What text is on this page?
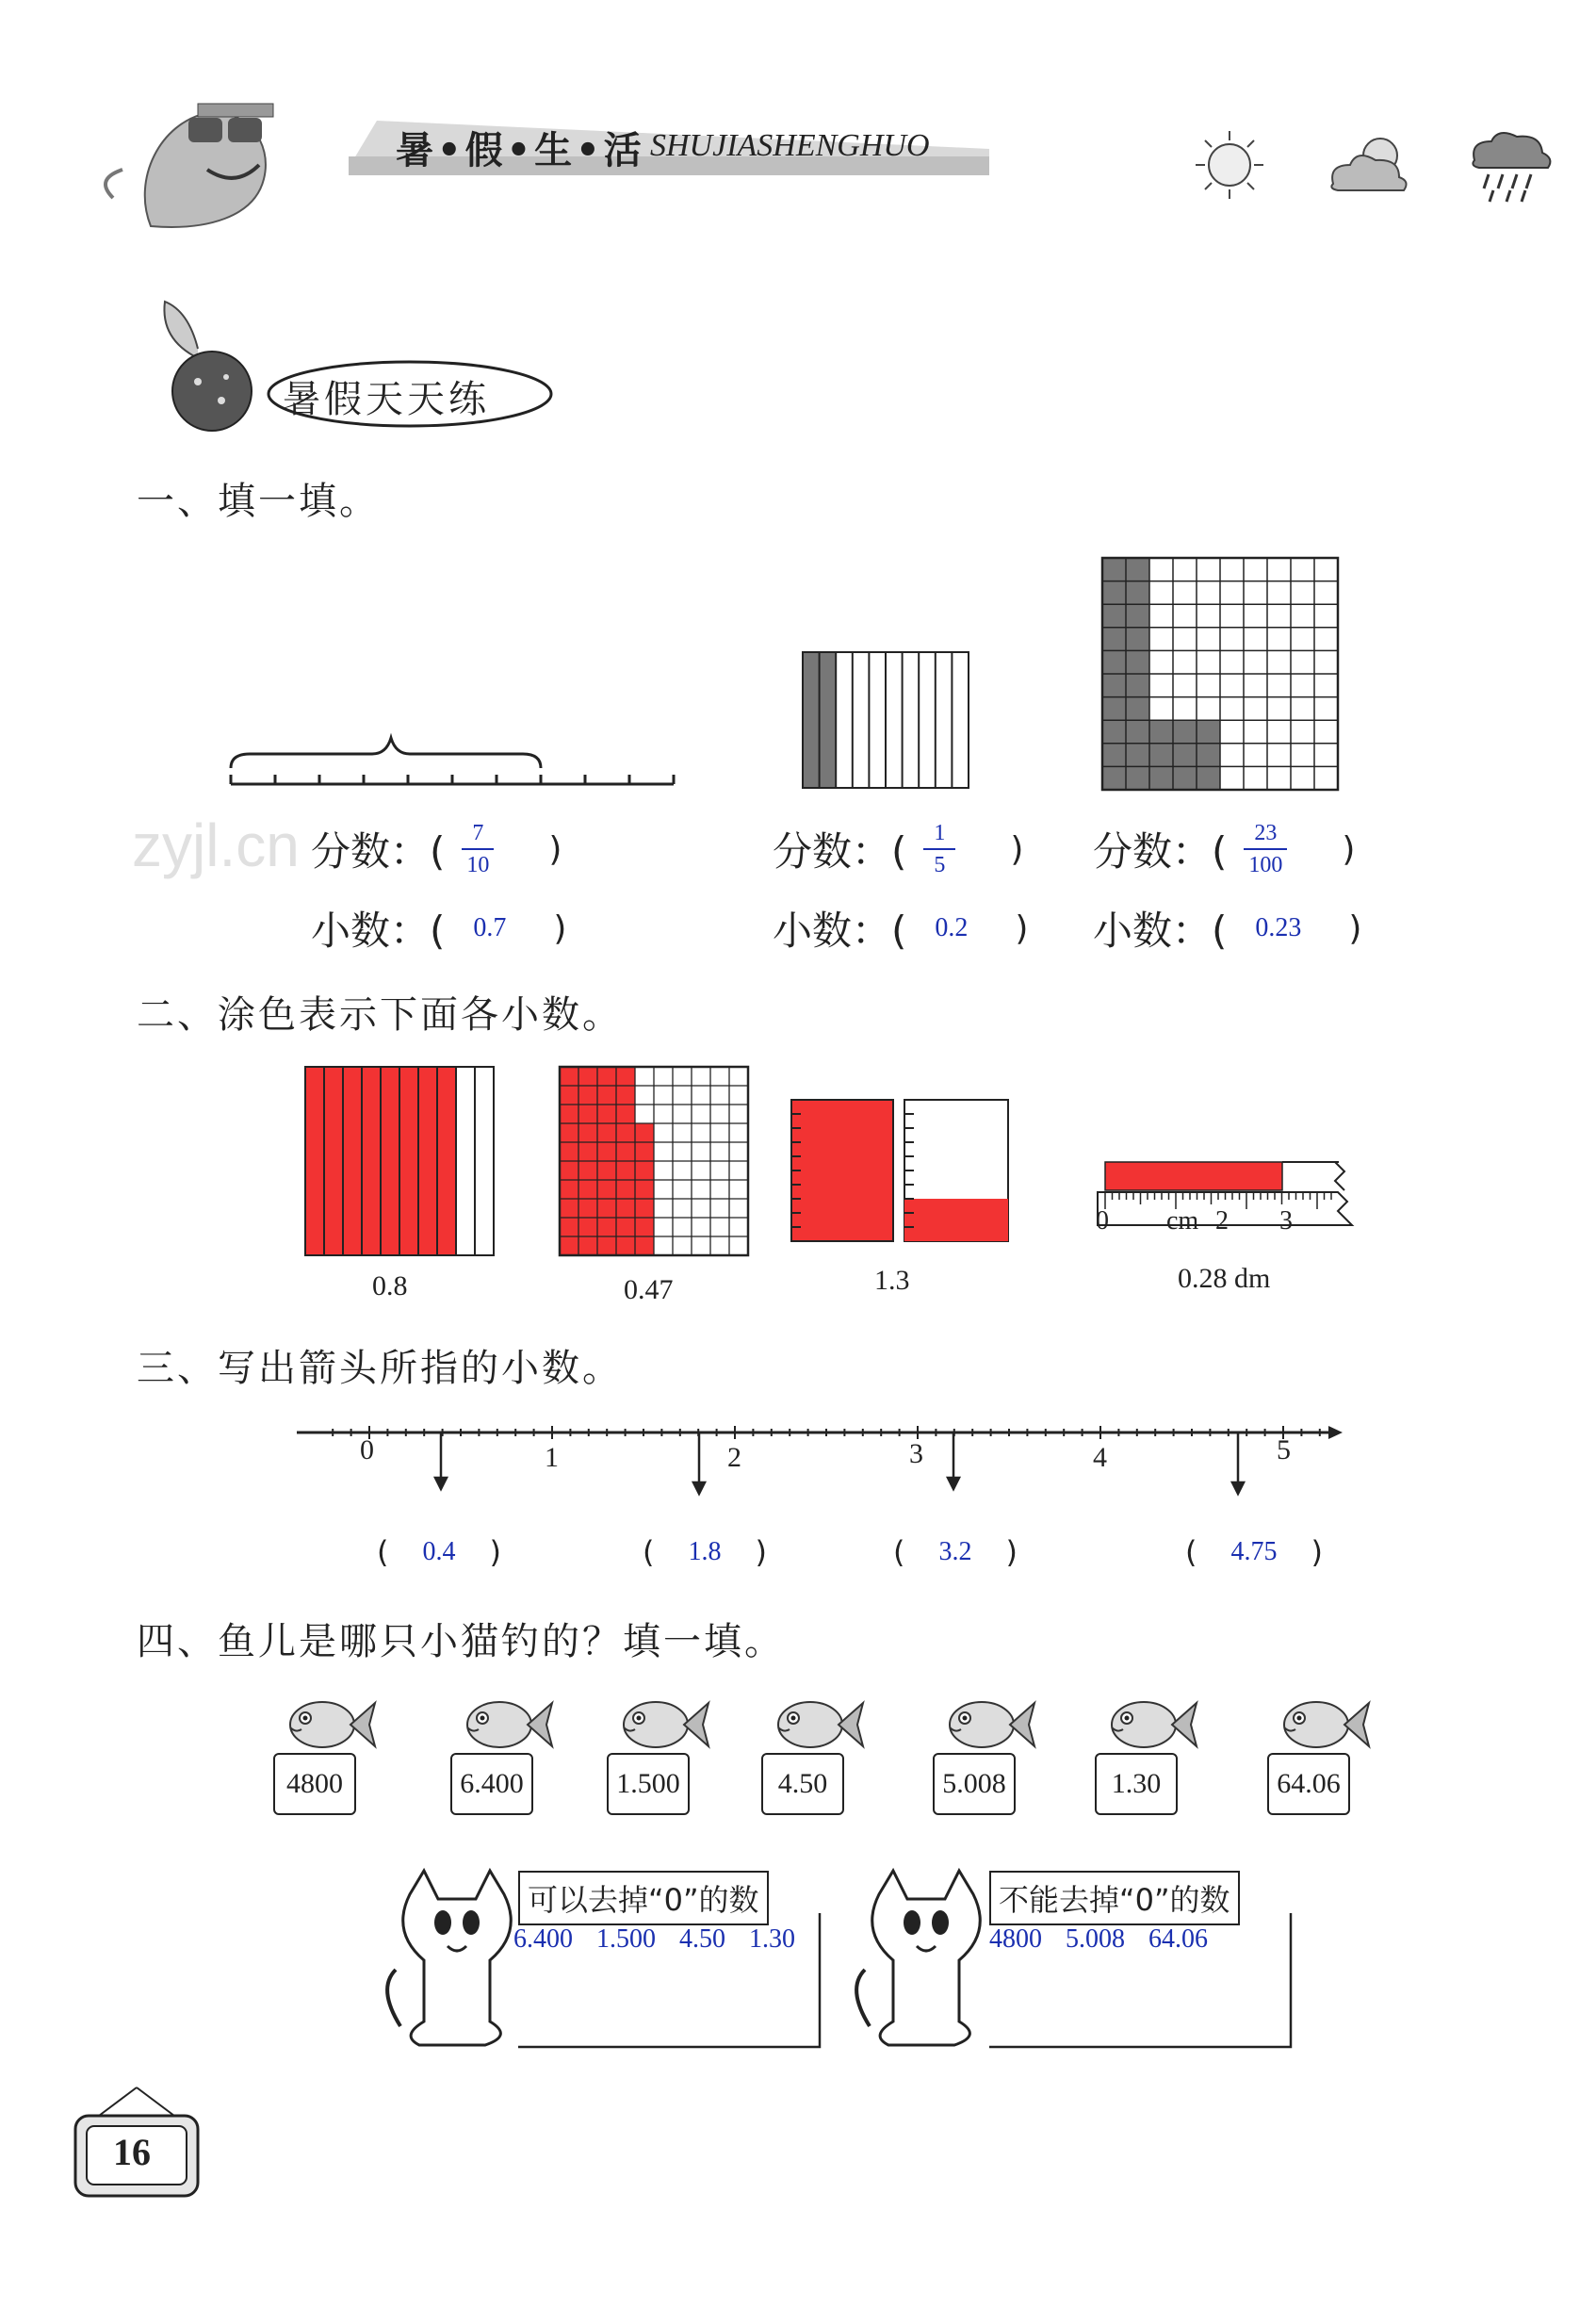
暑•假•生•活 SHUJIASHENGHUO
暑假天天练
一、填一填。
zyjl.cn 分数：( $\frac{7}{10}$ )	分数：( $\frac{1}{5}$ ) 分数：( $\frac{23}{100}$ )
小数：( 0.7 )	小数：( 0.2 ) 小数：( 0.23 )
二、涂色表示下面各小数。
0.8	0.47	1.3
0 cm 2 3
0.28 dm
三、写出箭头所指的小数。
0	1	2	3	4	5
( 0.4 )	( 1.8 )	( 3.2 )	( 4.75 )
四、鱼儿是哪只小猫钓的？填一填。
4800	6.400	1.500	4.50	5.008	1.30	64.06
可以去掉“0”的数
6.400 1.500 4.50 1.30
不能去掉“0”的数
4800 5.008 64.06
16
